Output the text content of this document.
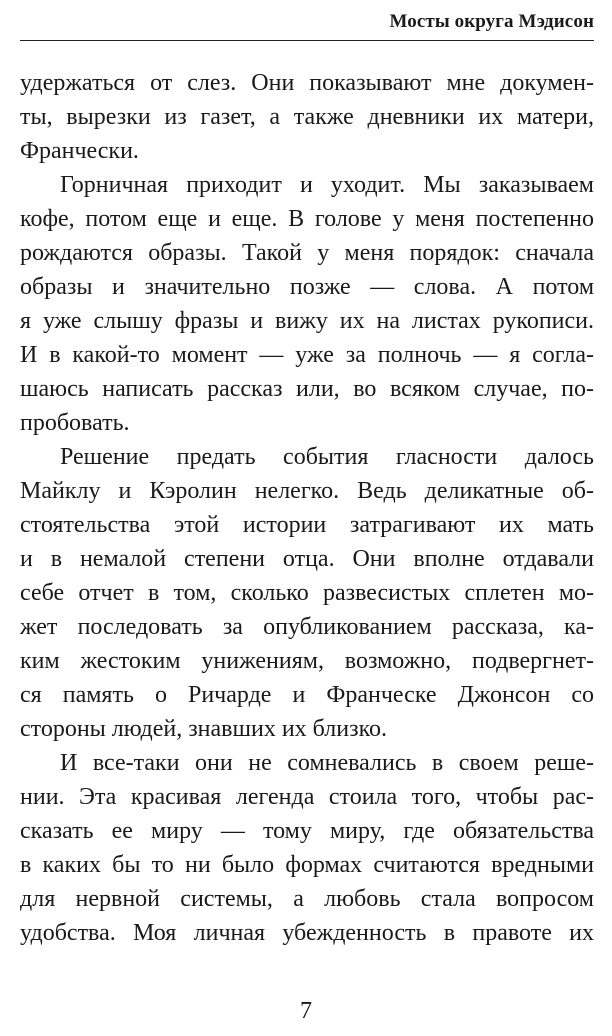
Мосты округа Мэдисон

удержаться от слез. Они показывают мне докумен-
ты, вырезки из газет, а также дневники их матери,
Франчески.

Горничная приходит и уходит. Мы заказываем
кофе, потом еще и еще. В голове у меня постепенно
рождаются образы. Такой у меня порядок: сначала
образы и значительно позже — слова. А потом
я уже слышу фразы и вижу их на листах рукописи.
И в какой-то момент — уже за полночь — я согла-
шаюсь написать рассказ или, во всяком случае, по-
пробовать.

Решение предать события гласности далось
Майклу и Кэролин нелегко. Ведь деликатные об-
стоятельства этой истории затрагивают их мать
и в немалой степени отца. Они вполне отдавали
себе отчет в том, сколько развесистых сплетен мо-
жет последовать за опубликованием рассказа, ка-
ким жестоким унижениям, возможно, подвергнет-
ся память о Ричарде и Франческе Джонсон со
стороны людей, знавших их близко.

И все-таки они не сомневались в своем реше-
нии. Эта красивая легенда стоила того, чтобы рас-
сказать ее миру — тому миру, где обязательства
в каких бы то ни было формах считаются вредными
для нервной системы, а любовь стала вопросом
удобства. Моя личная убежденность в правоте их

7
